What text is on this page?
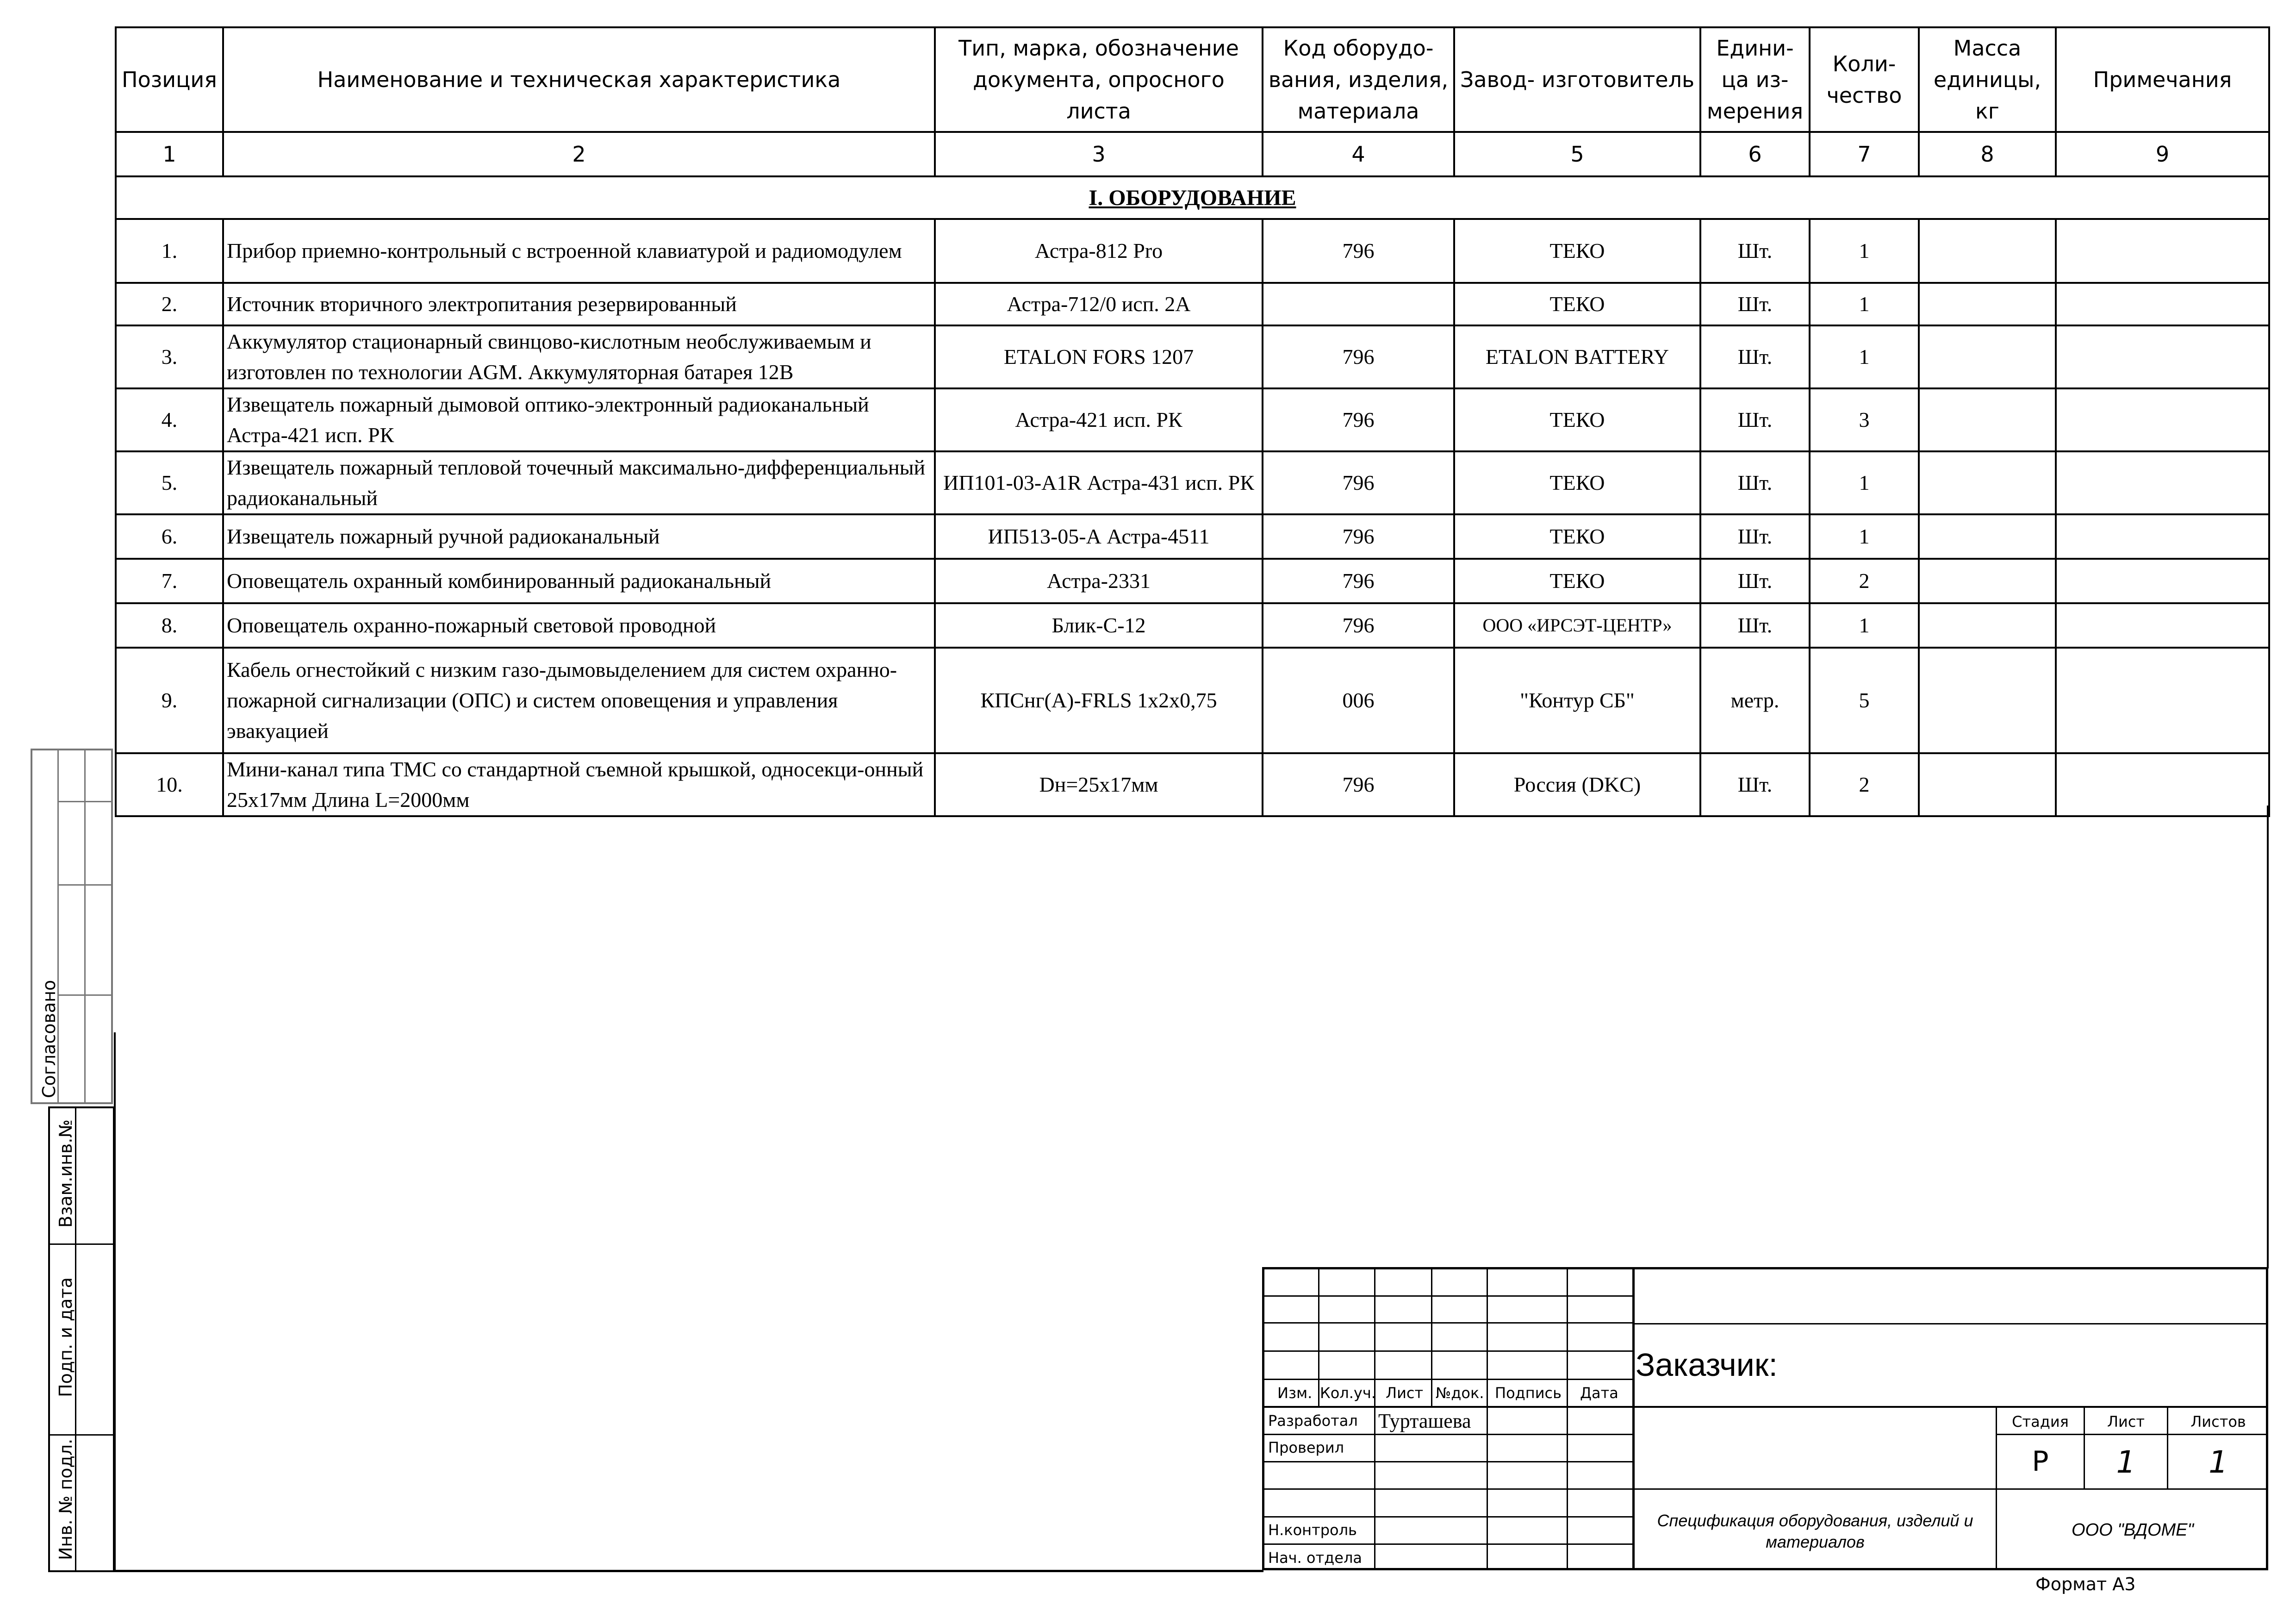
Позиция	Наименование и техническая характеристика	Тип, марка, обозначение документа, опросного листа	Код оборудо- вания, изделия, материала	Завод- изготовитель	Едини- ца из- мерения	Коли- чество	Масса единицы, кг	Примечания
1	2	3	4	5	6	7	8	9
I. ОБОРУДОВАНИЕ								
1.	Прибор приемно-контрольный с встроенной клавиатурой и радиомодулем	Астра-812 Pro	796	ТЕКО	Шт.	1		
2.	Источник вторичного электропитания резервированный	Астра-712/0 исп. 2А		ТЕКО	Шт.	1		
3.	Аккумулятор стационарный свинцово-кислотным необслуживаемым и изготовлен по технологии AGM. Аккумуляторная батарея 12В	ETALON FORS 1207	796	ETALON BATTERY	Шт.	1		
4.	Извещатель пожарный дымовой оптико-электронный радиоканальный Астра-421 исп. РК	Астра-421 исп. РК	796	ТЕКО	Шт.	3		
5.	Извещатель пожарный тепловой точечный максимально-дифференциальный радиоканальный	ИП101-03-A1R Астра-431 исп. РК	796	ТЕКО	Шт.	1		
6.	Извещатель пожарный ручной радиоканальный	ИП513-05-А Астра-4511	796	ТЕКО	Шт.	1		
7.	Оповещатель охранный комбинированный радиоканальный	Астра-2331	796	ТЕКО	Шт.	2		
8.	Оповещатель охранно-пожарный световой проводной	Блик-С-12	796	ООО «ИРСЭТ-ЦЕНТР»	Шт.	1		
9.	Кабель огнестойкий с низким газо-дымовыделением для систем охранно-пожарной сигнализации (ОПС) и систем оповещения и управления эвакуацией	КПСнг(А)-FRLS 1x2x0,75	006	"Контур СБ"	метр.	5		
10.	Мини-канал типа TMC со стандартной съемной крышкой, односекци-онный 25x17мм Длина L=2000мм	Dн=25x17мм	796	Россия (DKC)	Шт.	2		
Согласовано
Взам.инв.№
Подп. и дата
Инв. № подл.
Изм. Кол.уч. Лист №док. Подпись Дата
Разработал Турташева
Проверил
Н.контроль
Нач. отдела
Заказчик:
Стадия	Лист	Листов
Р	1	1
Спецификация оборудования, изделий и материалов
ООО "ВДОМЕ"
Формат А3
